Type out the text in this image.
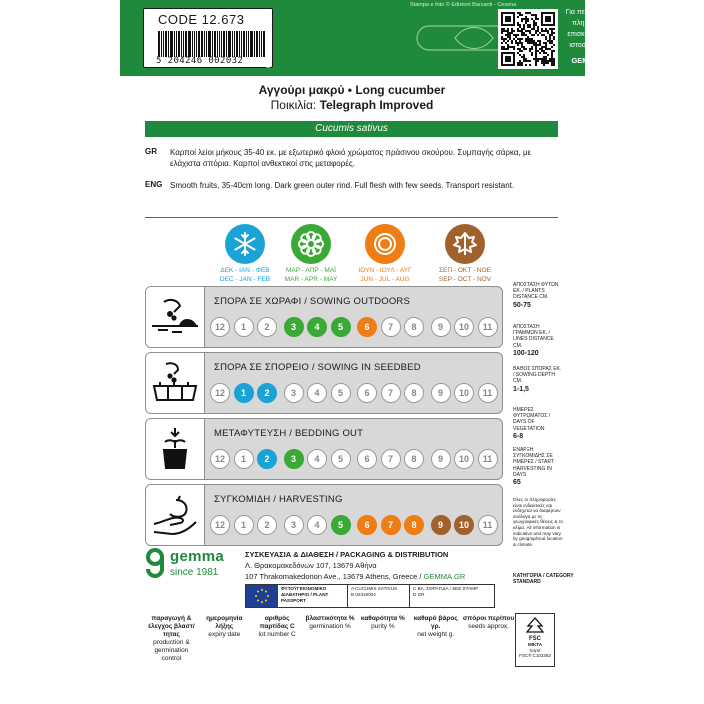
Stampa e foto © Edizioni Barzanti - Cesena
Για περισσότερες
πληροφορίες
επισκεφτείτε την
ιστοσελίδα μας
GEMMA.GR
CODE 12.673
5 204246 002032	ΚΩΔ. 16.818
Αγγούρι μακρύ • Long cucumber
Ποικιλία: Telegraph Improved
Cucumis sativus
GR Καρποί λείοι μήκους 35-40 εκ. με εξωτερικό φλοιό χρώματος πράσινου σκούρου. Συμπαγής σάρκα, με ελάχιστα σπόρια. Καρποί ανθεκτικοί στις μεταφορές.
ENG Smooth fruits, 35-40cm long. Dark green outer rind. Full flesh with few seeds. Transport resistant.
ΔΕΚ - ΙΑΝ - ΦΕΒ
DEC - JAN - FEB
ΜΑΡ - ΑΠΡ - ΜΑΪ
MAR - APR - MAY
ΙΟΥΝ - ΙΟΥΛ - ΑΥΓ
JUN - JUL - AUG
ΣΕΠ - ΟΚΤ - ΝΟΕ
SEP - OCT - NOV
ΣΠΟΡΑ ΣΕ ΧΩΡΑΦΙ / SOWING OUTDOORS
12	1	2	3	4	5	6	7	8	9	10	11
ΣΠΟΡΑ ΣΕ ΣΠΟΡΕΙΟ / SOWING IN SEEDBED
12	1	2	3	4	5	6	7	8	9	10	11
ΜΕΤΑΦΥΤΕΥΣΗ / BEDDING OUT
12	1	2	3	4	5	6	7	8	9	10	11
ΣΥΓΚΟΜΙΔΗ / HARVESTING
12	1	2	3	4	5	6	7	8	9	10	11
ΑΠΟΣΤΑΣΗ ΦΥΤΩΝ ΕΚ. / PLANTS DISTANCE CM.
50-75
ΑΠΟΣΤΑΣΗ ΓΡΑΜΜΩΝ ΕΚ. / LINES DISTANCE CM.
100-120
ΒΑΘΟΣ ΣΠΟΡΑΣ ΕΚ. / SOWING DEPTH CM.
1-1,5
ΗΜΕΡΕΣ ΦΥΤΡΩΜΑΤΟΣ / DAYS OF VEGETATION
6-8
ΕΝΑΡΞΗ ΣΥΓΚΟΜΙΔΗΣ ΣΕ ΗΜΕΡΕΣ / START HARVESTING IN DAYS
65
Όλες οι πληροφορίες είναι ενδεικτικές και ενδέχεται να διαφέρουν ανάλογα με τις γεωγραφικές θέσεις & το κλίμα. All information is indicative and may vary by geographical location & climate.
ΚΑΤΗΓΟΡΙΑ / CATEGORY
STANDARD
gemma
since 1981
ΣΥΣΚΕΥΑΣΙΑ & ΔΙΑΘΕΣΗ / PACKAGING & DISTRIBUTION
Λ. Θρακομακεδόνων 107, 13679 Αθήνα
107 Thrakomakedonon Ave., 13679 Athens, Greece / GEMMA.GR
ΦΥΤΟΫΓΕΙΟΝΟΜΙΚΟ ΔΙΑΒΑΤΗΡΙΟ / PLANT PASSPORT
A CUCUMIS SATIVUS
B 02319004
C ΒΛ. ΣΦΡΑΓΙΔΑ / SEE STAMP
D GR
παραγωγή & έλεγχος βλαστ/τητας
production & germination control
ημερομηνία λήξης
expiry date
αριθμός παρτίδας C
lot number C
βλαστικότητα %
germination %
καθαρότητα %
purity %
καθαρό βάρος γρ.
net weight g.
σπόροι περίπου
seeds approx.
FSC
ΜΙΚΤΑ
Χαρτί
FSC® C103382
